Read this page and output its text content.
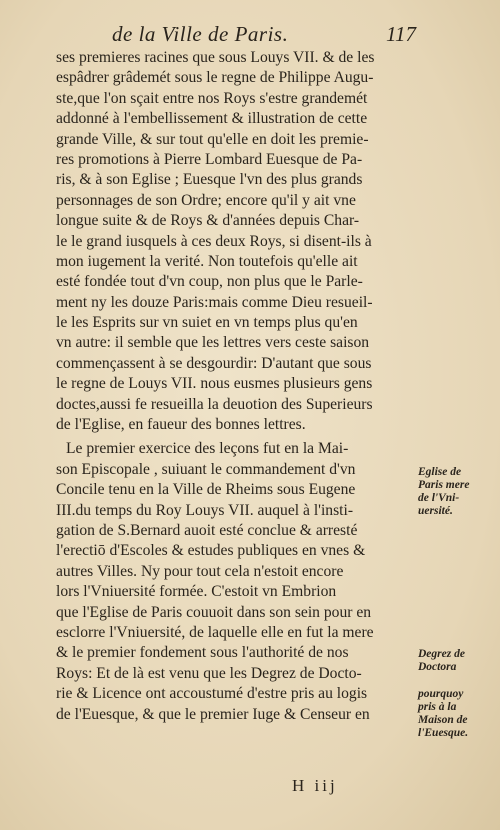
de la Ville de Paris.	117
ses premieres racines que sous Louys VII. & de les
espâdrer grâdemét sous le regne de Philippe Augu-
ste,que l'on sçait entre nos Roys s'estre grandemét
addonné à l'embellissement & illustration de cette
grande Ville, & sur tout qu'elle en doit les premie-
res promotions à Pierre Lombard Euesque de Pa-
ris, & à son Eglise ; Euesque l'vn des plus grands
personnages de son Ordre; encore qu'il y ait vne
longue suite & de Roys & d'années depuis Char-
le le grand iusquels à ces deux Roys, si disent-ils à
mon iugement la verité. Non toutefois qu'elle ait
esté fondée tout d'vn coup, non plus que le Parle-
ment ny les douze Paris:mais comme Dieu resueil-
le les Esprits sur vn suiet en vn temps plus qu'en
vn autre: il semble que les lettres vers ceste saison
commençassent à se desgourdir: D'autant que sous
le regne de Louys VII. nous eusmes plusieurs gens
doctes,aussi fe resueilla la deuotion des Superieurs
de l'Eglise, en faueur des bonnes lettres.
Le premier exercice des leçons fut en la Mai-
son Episcopale , suiuant le commandement d'vn
Concile tenu en la Ville de Rheims sous Eugene
III.du temps du Roy Louys VII. auquel à l'insti-
gation de S.Bernard auoit esté conclue & arresté
l'erectiō d'Escoles & estudes publiques en vnes &
autres Villes. Ny pour tout cela n'estoit encore
lors l'Vniuersité formée. C'estoit vn Embrion
que l'Eglise de Paris couuoit dans son sein pour en
esclorre l'Vniuersité, de laquelle elle en fut la mere
& le premier fondement sous l'authorité de nos
Roys: Et de là est venu que les Degrez de Docto-
rie & Licence ont accoustumé d'estre pris au logis
de l'Euesque, & que le premier Iuge & Censeur en
Eglise de
Paris mere
de l'Vni-
uersité.
Degrez de
Doctora
pourquoy
pris à la
Maison de
l'Euesque.
H iij
